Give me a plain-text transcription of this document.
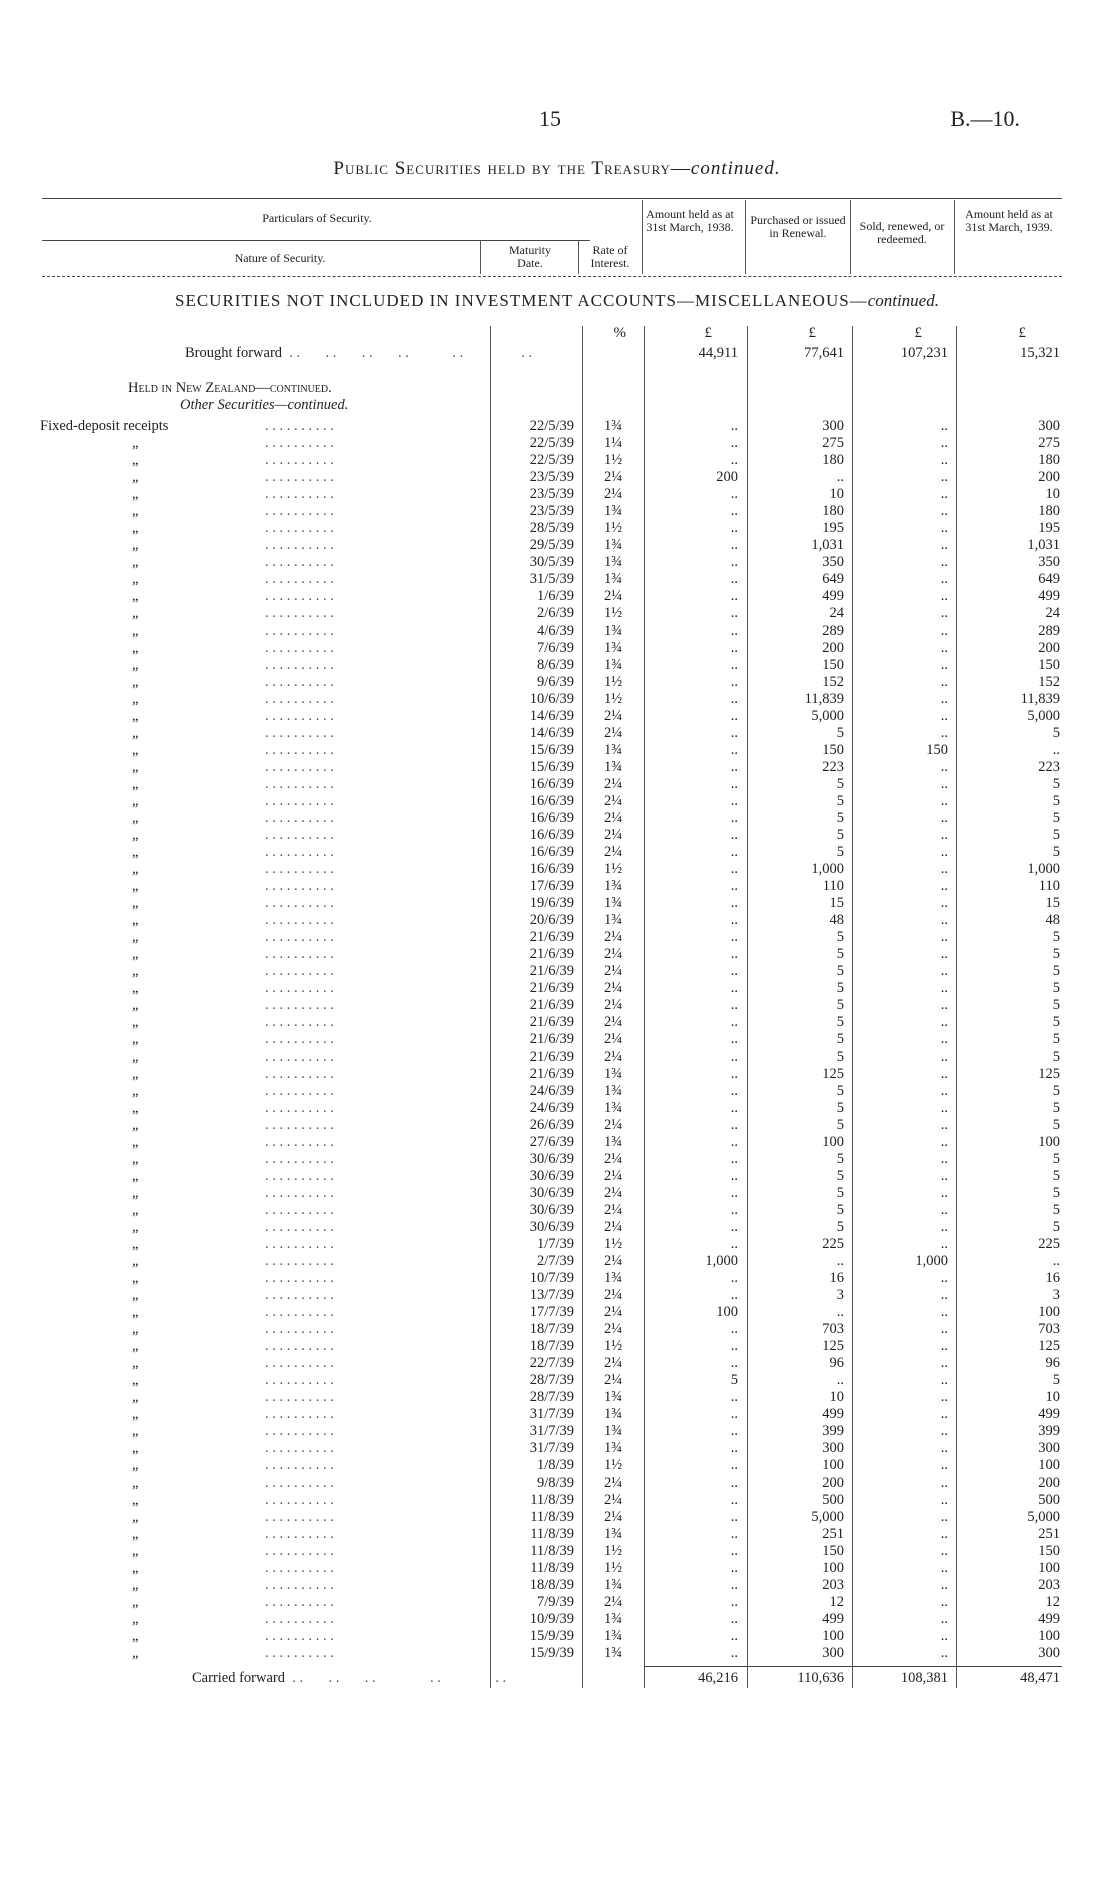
15	B.—10.
Public Securities held by the Treasury—continued.
Particulars of Security.
Nature of Security.
Maturity Date.
Rate of Interest.
Amount held as at 31st March, 1938.	Purchased or issued in Renewal.	Sold, renewed, or redeemed.
Amount held as at 31st March, 1939.
SECURITIES NOT INCLUDED IN INVESTMENT ACCOUNTS—MISCELLANEOUS—continued.
%	£	£	£	£
Brought forward  . .       . .       . .       . .            . .                . .	44,911	77,641	107,231	15,321
Held in New Zealand—continued.
Other Securities—continued.
Fixed-deposit receipts	. . . . . . . . . .	22/5/39	1¾	..	300	..	300
„	. . . . . . . . . .	22/5/39	1¼	..	275	..	275
„	. . . . . . . . . .	22/5/39	1½	..	180	..	180
„	. . . . . . . . . .	23/5/39	2¼	200	..	..	200
„	. . . . . . . . . .	23/5/39	2¼	..	10	..	10
„	. . . . . . . . . .	23/5/39	1¾	..	180	..	180
„	. . . . . . . . . .	28/5/39	1½	..	195	..	195
„	. . . . . . . . . .	29/5/39	1¾	..	1,031	..	1,031
„	. . . . . . . . . .	30/5/39	1¾	..	350	..	350
„	. . . . . . . . . .	31/5/39	1¾	..	649	..	649
„	. . . . . . . . . .	1/6/39	2¼	..	499	..	499
„	. . . . . . . . . .	2/6/39	1½	..	24	..	24
„	. . . . . . . . . .	4/6/39	1¾	..	289	..	289
„	. . . . . . . . . .	7/6/39	1¾	..	200	..	200
„	. . . . . . . . . .	8/6/39	1¾	..	150	..	150
„	. . . . . . . . . .	9/6/39	1½	..	152	..	152
„	. . . . . . . . . .	10/6/39	1½	..	11,839	..	11,839
„	. . . . . . . . . .	14/6/39	2¼	..	5,000	..	5,000
„	. . . . . . . . . .	14/6/39	2¼	..	5	..	5
„	. . . . . . . . . .	15/6/39	1¾	..	150	150	..
„	. . . . . . . . . .	15/6/39	1¾	..	223	..	223
„	. . . . . . . . . .	16/6/39	2¼	..	5	..	5
„	. . . . . . . . . .	16/6/39	2¼	..	5	..	5
„	. . . . . . . . . .	16/6/39	2¼	..	5	..	5
„	. . . . . . . . . .	16/6/39	2¼	..	5	..	5
„	. . . . . . . . . .	16/6/39	2¼	..	5	..	5
„	. . . . . . . . . .	16/6/39	1½	..	1,000	..	1,000
„	. . . . . . . . . .	17/6/39	1¾	..	110	..	110
„	. . . . . . . . . .	19/6/39	1¾	..	15	..	15
„	. . . . . . . . . .	20/6/39	1¾	..	48	..	48
„	. . . . . . . . . .	21/6/39	2¼	..	5	..	5
„	. . . . . . . . . .	21/6/39	2¼	..	5	..	5
„	. . . . . . . . . .	21/6/39	2¼	..	5	..	5
„	. . . . . . . . . .	21/6/39	2¼	..	5	..	5
„	. . . . . . . . . .	21/6/39	2¼	..	5	..	5
„	. . . . . . . . . .	21/6/39	2¼	..	5	..	5
„	. . . . . . . . . .	21/6/39	2¼	..	5	..	5
„	. . . . . . . . . .	21/6/39	2¼	..	5	..	5
„	. . . . . . . . . .	21/6/39	1¾	..	125	..	125
„	. . . . . . . . . .	24/6/39	1¾	..	5	..	5
„	. . . . . . . . . .	24/6/39	1¾	..	5	..	5
„	. . . . . . . . . .	26/6/39	2¼	..	5	..	5
„	. . . . . . . . . .	27/6/39	1¾	..	100	..	100
„	. . . . . . . . . .	30/6/39	2¼	..	5	..	5
„	. . . . . . . . . .	30/6/39	2¼	..	5	..	5
„	. . . . . . . . . .	30/6/39	2¼	..	5	..	5
„	. . . . . . . . . .	30/6/39	2¼	..	5	..	5
„	. . . . . . . . . .	30/6/39	2¼	..	5	..	5
„	. . . . . . . . . .	1/7/39	1½	..	225	..	225
„	. . . . . . . . . .	2/7/39	2¼	1,000	..	1,000	..
„	. . . . . . . . . .	10/7/39	1¾	..	16	..	16
„	. . . . . . . . . .	13/7/39	2¼	..	3	..	3
„	. . . . . . . . . .	17/7/39	2¼	100	..	..	100
„	. . . . . . . . . .	18/7/39	2¼	..	703	..	703
„	. . . . . . . . . .	18/7/39	1½	..	125	..	125
„	. . . . . . . . . .	22/7/39	2¼	..	96	..	96
„	. . . . . . . . . .	28/7/39	2¼	5	..	..	5
„	. . . . . . . . . .	28/7/39	1¾	..	10	..	10
„	. . . . . . . . . .	31/7/39	1¾	..	499	..	499
„	. . . . . . . . . .	31/7/39	1¾	..	399	..	399
„	. . . . . . . . . .	31/7/39	1¾	..	300	..	300
„	. . . . . . . . . .	1/8/39	1½	..	100	..	100
„	. . . . . . . . . .	9/8/39	2¼	..	200	..	200
„	. . . . . . . . . .	11/8/39	2¼	..	500	..	500
„	. . . . . . . . . .	11/8/39	2¼	..	5,000	..	5,000
„	. . . . . . . . . .	11/8/39	1¾	..	251	..	251
„	. . . . . . . . . .	11/8/39	1½	..	150	..	150
„	. . . . . . . . . .	11/8/39	1½	..	100	..	100
„	. . . . . . . . . .	18/8/39	1¾	..	203	..	203
„	. . . . . . . . . .	7/9/39	2¼	..	12	..	12
„	. . . . . . . . . .	10/9/39	1¾	..	499	..	499
„	. . . . . . . . . .	15/9/39	1¾	..	100	..	100
„	. . . . . . . . . .	15/9/39	1¾	..	300	..	300
Carried forward  . .       . .       . .               . .               . .	46,216	110,636	108,381	48,471
